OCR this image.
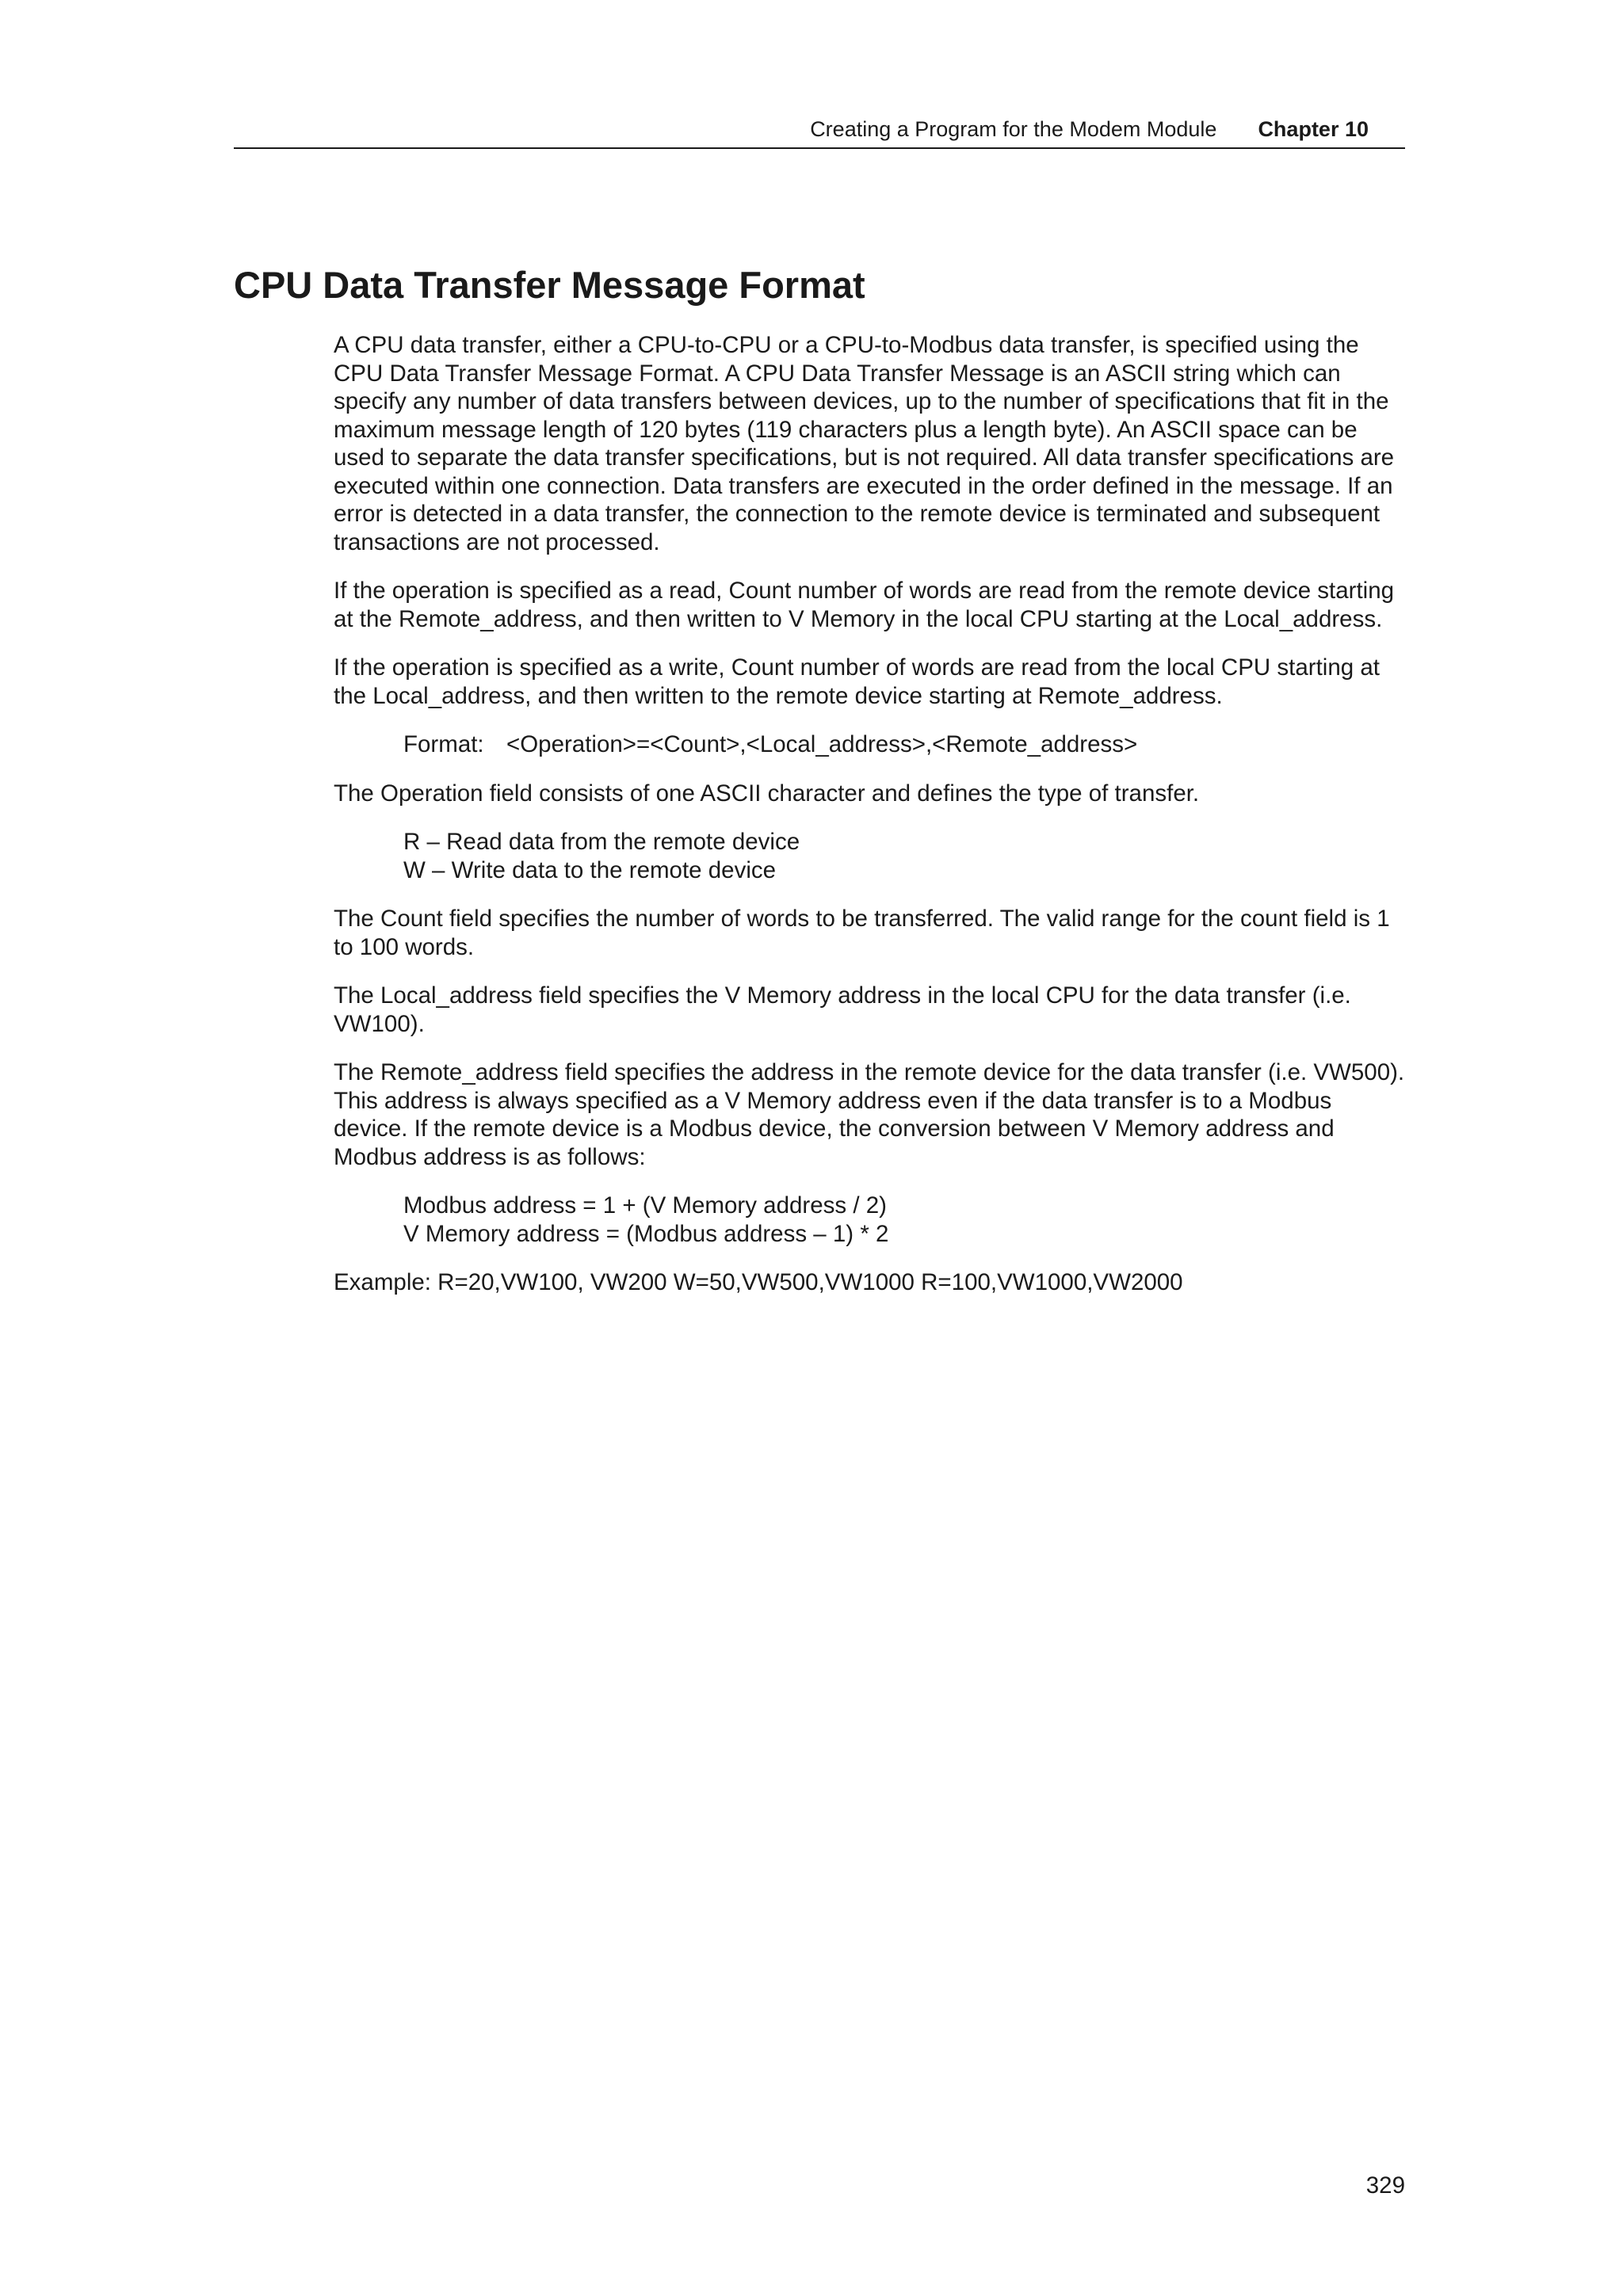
Creating a Program for the Modem Module Chapter 10
CPU Data Transfer Message Format

A CPU data transfer, either a CPU-to-CPU or a CPU-to-Modbus data transfer, is specified using the CPU Data Transfer Message Format. A CPU Data Transfer Message is an ASCII string which can specify any number of data transfers between devices, up to the number of specifications that fit in the maximum message length of 120 bytes (119 characters plus a length byte). An ASCII space can be used to separate the data transfer specifications, but is not required. All data transfer specifications are executed within one connection. Data transfers are executed in the order defined in the message. If an error is detected in a data transfer, the connection to the remote device is terminated and subsequent transactions are not processed.

If the operation is specified as a read, Count number of words are read from the remote device starting at the Remote_address, and then written to V Memory in the local CPU starting at the Local_address.

If the operation is specified as a write, Count number of words are read from the local CPU starting at the Local_address, and then written to the remote device starting at Remote_address.

Format: <Operation>=<Count>,<Local_address>,<Remote_address>

The Operation field consists of one ASCII character and defines the type of transfer.

R – Read data from the remote device
W – Write data to the remote device

The Count field specifies the number of words to be transferred. The valid range for the count field is 1 to 100 words.

The Local_address field specifies the V Memory address in the local CPU for the data transfer (i.e. VW100).

The Remote_address field specifies the address in the remote device for the data transfer (i.e. VW500). This address is always specified as a V Memory address even if the data transfer is to a Modbus device. If the remote device is a Modbus device, the conversion between V Memory address and Modbus address is as follows:

Modbus address = 1 + (V Memory address / 2)
V Memory address = (Modbus address – 1) * 2

Example: R=20,VW100, VW200 W=50,VW500,VW1000 R=100,VW1000,VW2000

329
